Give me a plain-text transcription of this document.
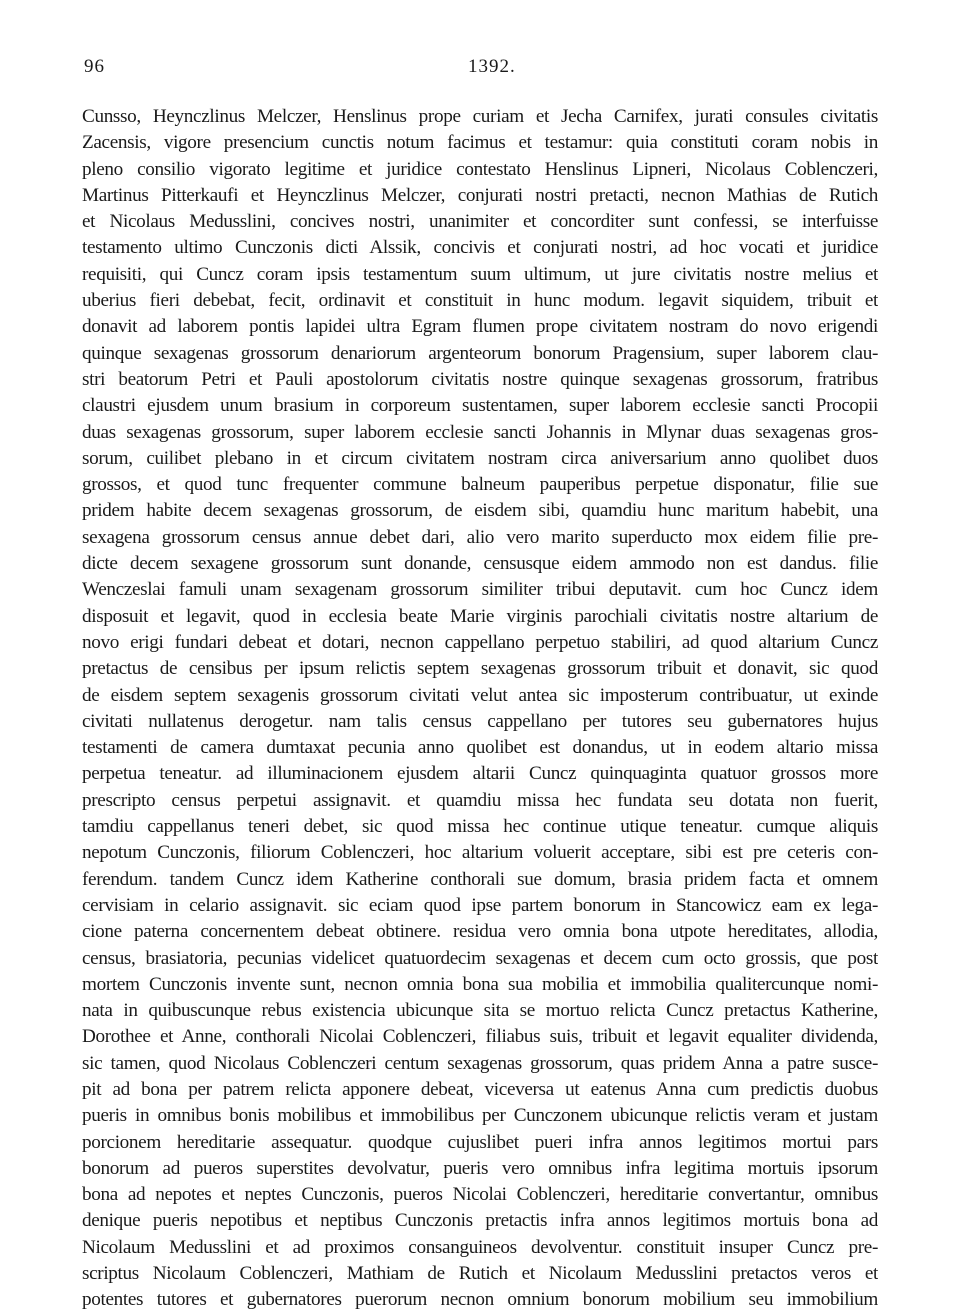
96	1392.
Cunsso, Heynczlinus Melczer, Henslinus prope curiam et Jecha Carnifex, jurati consules civitatis
Zacensis, vigore presencium cunctis notum facimus et testamur: quia constituti coram nobis in
pleno consilio vigorato legitime et juridice contestato Henslinus Lipneri, Nicolaus Coblenczeri,
Martinus Pitterkaufi et Heynczlinus Melczer, conjurati nostri pretacti, necnon Mathias de Rutich
et Nicolaus Medusslini, concives nostri, unanimiter et concorditer sunt confessi, se interfuisse
testamento ultimo Cunczonis dicti Alssik, concivis et conjurati nostri, ad hoc vocati et juridice
requisiti, qui Cuncz coram ipsis testamentum suum ultimum, ut jure civitatis nostre melius et
uberius fieri debebat, fecit, ordinavit et constituit in hunc modum. legavit siquidem, tribuit et
donavit ad laborem pontis lapidei ultra Egram flumen prope civitatem nostram do novo erigendi
quinque sexagenas grossorum denariorum argenteorum bonorum Pragensium, super laborem clau-
stri beatorum Petri et Pauli apostolorum civitatis nostre quinque sexagenas grossorum, fratribus
claustri ejusdem unum brasium in corporeum sustentamen, super laborem ecclesie sancti Procopii
duas sexagenas grossorum, super laborem ecclesie sancti Johannis in Mlynar duas sexagenas gros-
sorum, cuilibet plebano in et circum civitatem nostram circa aniversarium anno quolibet duos
grossos, et quod tunc frequenter commune balneum pauperibus perpetue disponatur, filie sue
pridem habite decem sexagenas grossorum, de eisdem sibi, quamdiu hunc maritum habebit, una
sexagena grossorum census annue debet dari, alio vero marito superducto mox eidem filie pre-
dicte decem sexagene grossorum sunt donande, censusque eidem ammodo non est dandus. filie
Wenczeslai famuli unam sexagenam grossorum similiter tribui deputavit. cum hoc Cuncz idem
disposuit et legavit, quod in ecclesia beate Marie virginis parochiali civitatis nostre altarium de
novo erigi fundari debeat et dotari, necnon cappellano perpetuo stabiliri, ad quod altarium Cuncz
pretactus de censibus per ipsum relictis septem sexagenas grossorum tribuit et donavit, sic quod
de eisdem septem sexagenis grossorum civitati velut antea sic imposterum contribuatur, ut exinde
civitati nullatenus derogetur. nam talis census cappellano per tutores seu gubernatores hujus
testamenti de camera dumtaxat pecunia anno quolibet est donandus, ut in eodem altario missa
perpetua teneatur. ad illuminacionem ejusdem altarii Cuncz quinquaginta quatuor grossos more
prescripto census perpetui assignavit. et quamdiu missa hec fundata seu dotata non fuerit,
tamdiu cappellanus teneri debet, sic quod missa hec continue utique teneatur. cumque aliquis
nepotum Cunczonis, filiorum Coblenczeri, hoc altarium voluerit acceptare, sibi est pre ceteris con-
ferendum. tandem Cuncz idem Katherine conthorali sue domum, brasia pridem facta et omnem
cervisiam in celario assignavit. sic eciam quod ipse partem bonorum in Stancowicz eam ex lega-
cione paterna concernentem debeat obtinere. residua vero omnia bona utpote hereditates, allodia,
census, brasiatoria, pecunias videlicet quatuordecim sexagenas et decem cum octo grossis, que post
mortem Cunczonis invente sunt, necnon omnia bona sua mobilia et immobilia qualitercunque nomi-
nata in quibuscunque rebus existencia ubicunque sita se mortuo relicta Cuncz pretactus Katherine,
Dorothee et Anne, conthorali Nicolai Coblenczeri, filiabus suis, tribuit et legavit equaliter dividenda,
sic tamen, quod Nicolaus Coblenczeri centum sexagenas grossorum, quas pridem Anna a patre susce-
pit ad bona per patrem relicta apponere debeat, viceversa ut eatenus Anna cum predictis duobus
pueris in omnibus bonis mobilibus et immobilibus per Cunczonem ubicunque relictis veram et justam
porcionem hereditarie assequatur. quodque cujuslibet pueri infra annos legitimos mortui pars
bonorum ad pueros superstites devolvatur, pueris vero omnibus infra legitima mortuis ipsorum
bona ad nepotes et neptes Cunczonis, pueros Nicolai Coblenczeri, hereditarie convertantur, omnibus
denique pueris nepotibus et neptibus Cunczonis pretactis infra annos legitimos mortuis bona ad
Nicolaum Medusslini et ad proximos consanguineos devolventur. constituit insuper Cuncz pre-
scriptus Nicolaum Coblenczeri, Mathiam de Rutich et Nicolaum Medusslini pretactos veros et
potentes tutores et gubernatores puerorum necnon omnium bonorum mobilium seu immobilium
